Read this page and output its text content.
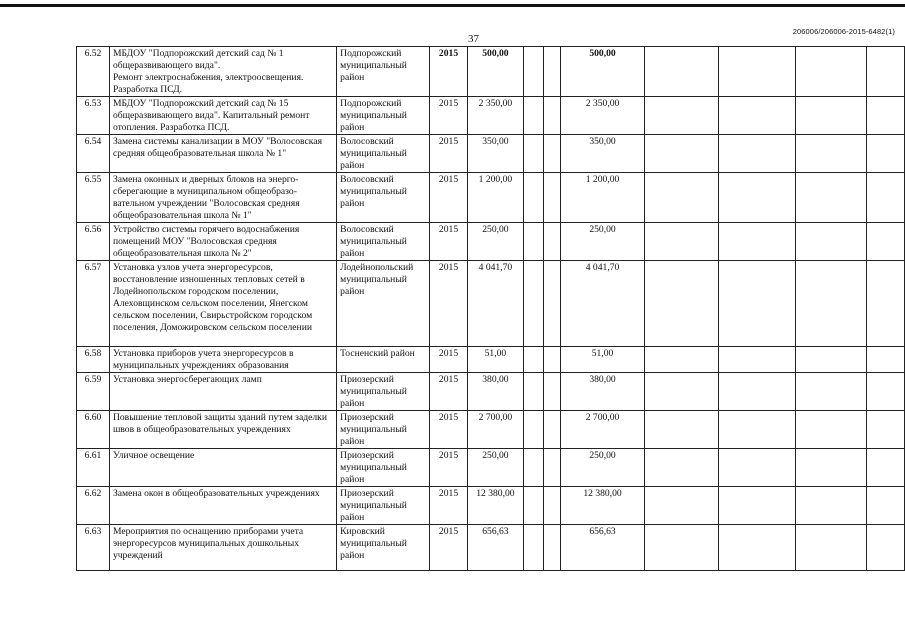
206006/206006-2015-6482(1)
37
6.52	МБДОУ "Подпорожский детский сад № 1 общеразвивающего вида".
Ремонт электроснабжения, электроосвещения. Разработка ПСД.	Подпорожский муниципальный район	2015	500,00			500,00				
6.53	МБДОУ "Подпорожский детский сад № 15 общеразвивающего вида". Капитальный ремонт отопления. Разработка ПСД.	Подпорожский муниципальный район	2015	2 350,00			2 350,00				
6.54	Замена системы канализации в МОУ "Волосовская средняя общеобразовательная школа № 1"	Волосовский муниципальный район	2015	350,00			350,00				
6.55	Замена оконных и дверных блоков на энерго-сберегающие в муниципальном общеобразо-вательном учреждении "Волосовская средняя общеобразовательная школа № 1"	Волосовский муниципальный район	2015	1 200,00			1 200,00				
6.56	Устройство системы горячего водоснабжения помещений МОУ "Волосовская средняя общеобразовательная школа № 2"	Волосовский муниципальный район	2015	250,00			250,00				
6.57	Установка узлов учета энергоресурсов, восстановление изношенных тепловых сетей в Лодейнопольском городском поселении, Алеховщинском сельском поселении, Янегском сельском поселении, Свирьстройском городском поселения, Доможировском сельском поселении	Лодейнопольский муниципальный район	2015	4 041,70			4 041,70				
6.58	Установка приборов учета энергоресурсов в муниципальных учреждениях образования	Тосненский район	2015	51,00			51,00				
6.59	Установка энергосберегающих ламп	Приозерский муниципальный район	2015	380,00			380,00				
6.60	Повышение тепловой защиты зданий путем заделки швов в общеобразовательных учреждениях	Приозерский муниципальный район	2015	2 700,00			2 700,00				
6.61	Уличное освещение	Приозерский муниципальный район	2015	250,00			250,00				
6.62	Замена окон в общеобразовательных учреждениях	Приозерский муниципальный район	2015	12 380,00			12 380,00				
6.63	Мероприятия по оснащению приборами учета энергоресурсов муниципальных дошкольных учреждений	Кировский муниципальный район	2015	656,63			656,63				
